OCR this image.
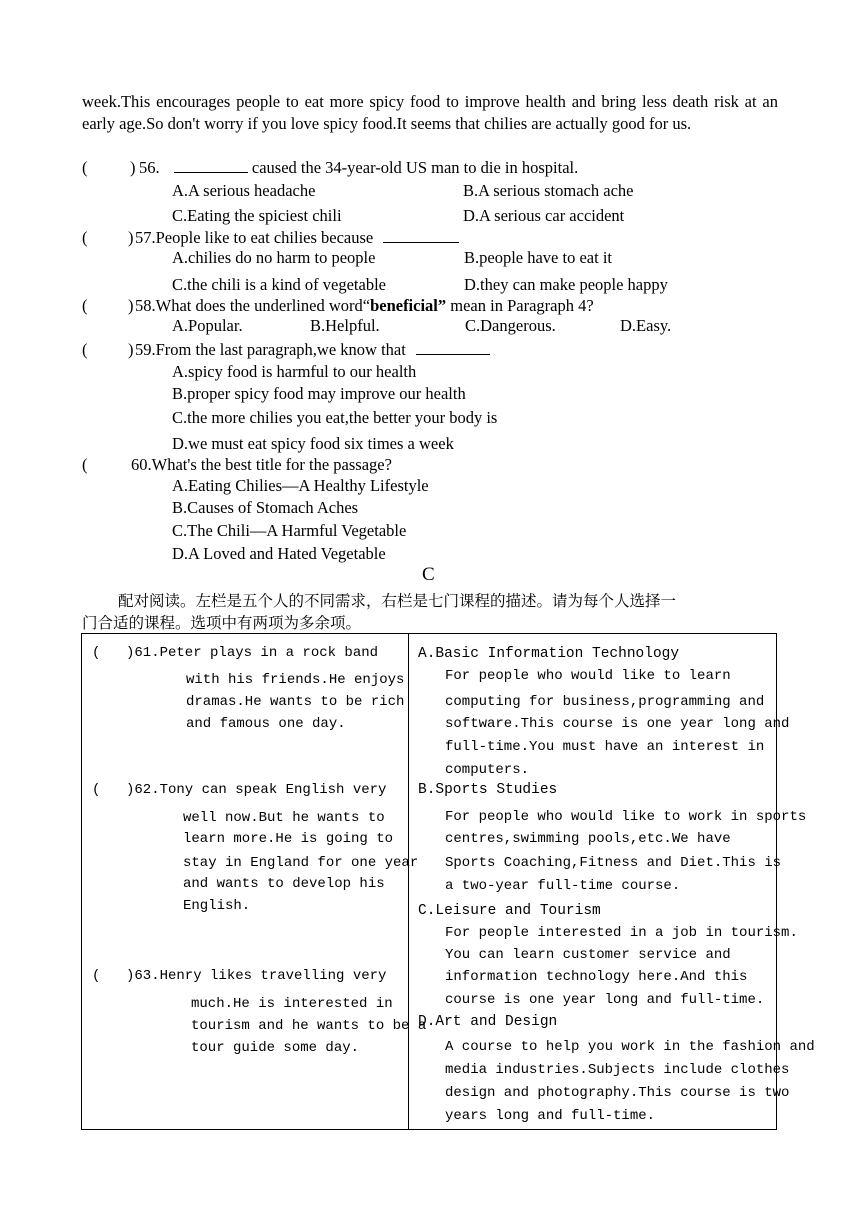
week.This encourages people to eat more spicy food to improve health and bring less death risk at an early age.So don't worry if you love spicy food.It seems that chilies are actually good for us.
(	) 56.	caused the 34-year-old US man to die in hospital.
A.A serious headache	B.A serious stomach ache
C.Eating the spiciest chili	D.A serious car accident
( ) 57.People like to eat chilies because
A.chilies do no harm to people	B.people have to eat it
C.the chili is a kind of vegetable	D.they can make people happy
( ) 58.What does the underlined word“beneficial” mean in Paragraph 4?
A.Popular.	B.Helpful.	C.Dangerous.	D.Easy.
( ) 59.From the last paragraph,we know that
A.spicy food is harmful to our health
B.proper spicy food may improve our health
C.the more chilies you eat,the better your body is
D.we must eat spicy food six times a week
(	60.What's the best title for the passage?
A.Eating Chilies—A Healthy Lifestyle
B.Causes of Stomach Aches
C.The Chili—A Harmful Vegetable
D.A Loved and Hated Vegetable
C
配对阅读。左栏是五个人的不同需求，右栏是七门课程的描述。请为每个人选择一
门合适的课程。选项中有两项为多余项。
( )61.Peter plays in a rock band
with his friends.He enjoys
dramas.He wants to be rich
and famous one day.
( )62.Tony can speak English very
well now.But he wants to
learn more.He is going to
stay in England for one year
and wants to develop his
English.
( )63.Henry likes travelling very
much.He is interested in
tourism and he wants to be a
tour guide some day.
A.Basic Information Technology
For people who would like to learn
computing for business,programming and
software.This course is one year long and
full-time.You must have an interest in
computers.
B.Sports Studies
For people who would like to work in sports
centres,swimming pools,etc.We have
Sports Coaching,Fitness and Diet.This is
a two-year full-time course.
C.Leisure and Tourism
For people interested in a job in tourism.
You can learn customer service and
information technology here.And this
course is one year long and full-time.
D.Art and Design
A course to help you work in the fashion and
media industries.Subjects include clothes
design and photography.This course is two
years long and full-time.
